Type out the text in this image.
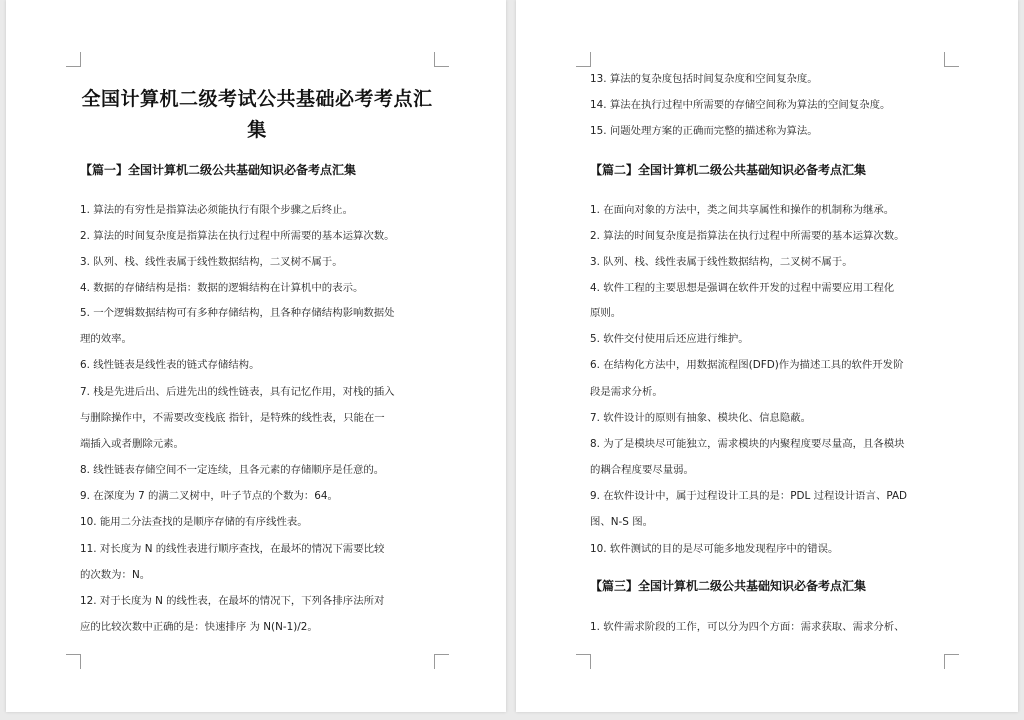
全国计算机二级考试公共基础必考考点汇
集
【篇一】全国计算机二级公共基础知识必备考点汇集
1. 算法的有穷性是指算法必须能执行有限个步骤之后终止。
2. 算法的时间复杂度是指算法在执行过程中所需要的基本运算次数。
3. 队列、栈、线性表属于线性数据结构，二叉树不属于。
4. 数据的存储结构是指：数据的逻辑结构在计算机中的表示。
5. 一个逻辑数据结构可有多种存储结构，且各种存储结构影响数据处
理的效率。
6. 线性链表是线性表的链式存储结构。
7. 栈是先进后出、后进先出的线性链表，具有记忆作用，对栈的插入
与删除操作中，不需要改变栈底 指针，是特殊的线性表，只能在一
端插入或者删除元素。
8. 线性链表存储空间不一定连续，且各元素的存储顺序是任意的。
9. 在深度为 7 的满二叉树中，叶子节点的个数为：64。
10. 能用二分法查找的是顺序存储的有序线性表。
11. 对长度为 N 的线性表进行顺序查找，在最坏的情况下需要比较
的次数为：N。
12. 对于长度为 N 的线性表，在最坏的情况下，下列各排序法所对
应的比较次数中正确的是：快速排序 为 N(N-1)/2。
13. 算法的复杂度包括时间复杂度和空间复杂度。
14. 算法在执行过程中所需要的存储空间称为算法的空间复杂度。
15. 问题处理方案的正确而完整的描述称为算法。
【篇二】全国计算机二级公共基础知识必备考点汇集
1. 在面向对象的方法中，类之间共享属性和操作的机制称为继承。
2. 算法的时间复杂度是指算法在执行过程中所需要的基本运算次数。
3. 队列、栈、线性表属于线性数据结构，二叉树不属于。
4. 软件工程的主要思想是强调在软件开发的过程中需要应用工程化
原则。
5. 软件交付使用后还应进行维护。
6. 在结构化方法中，用数据流程图(DFD)作为描述工具的软件开发阶
段是需求分析。
7. 软件设计的原则有抽象、模块化、信息隐蔽。
8. 为了是模块尽可能独立，需求模块的内聚程度要尽量高，且各模块
的耦合程度要尽量弱。
9. 在软件设计中，属于过程设计工具的是：PDL 过程设计语言、PAD
图、N-S 图。
10. 软件测试的目的是尽可能多地发现程序中的错误。
【篇三】全国计算机二级公共基础知识必备考点汇集
1. 软件需求阶段的工作，可以分为四个方面：需求获取、需求分析、
